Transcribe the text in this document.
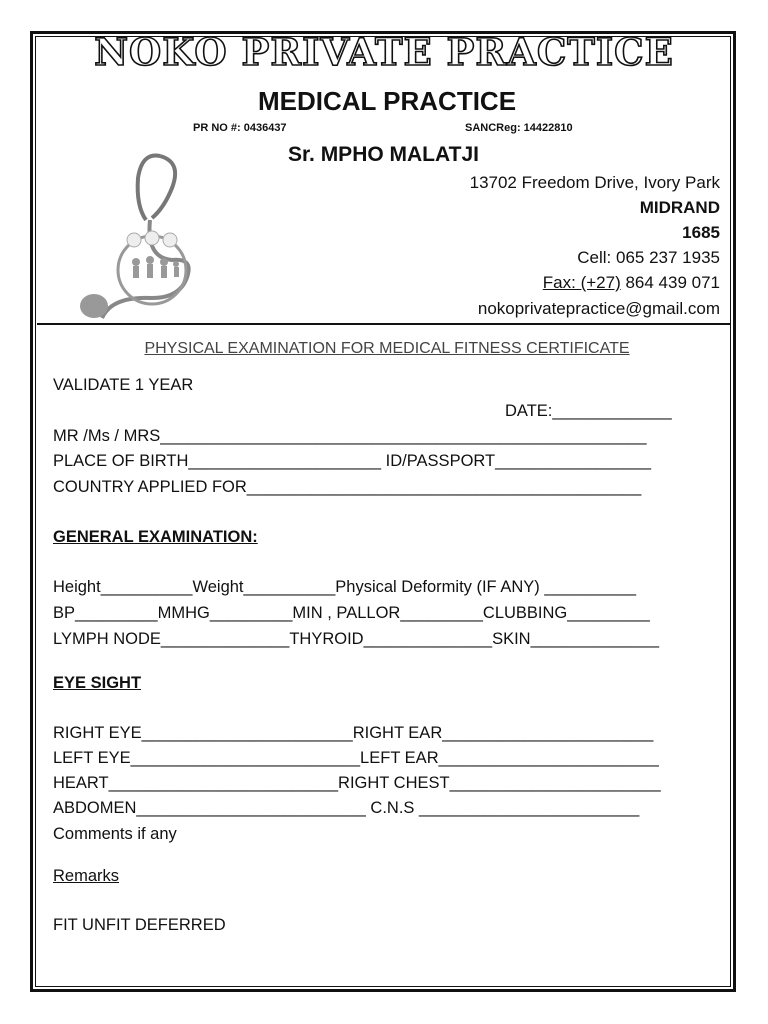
NOKO PRIVATE PRACTICE
MEDICAL PRACTICE
PR NO #: 0436437	SANCReg: 14422810
Sr. MPHO MALATJI
13702 Freedom Drive, Ivory Park
MIDRAND
1685
Cell: 065 237 1935
Fax: (+27) 864 439 071
nokoprivatepractice@gmail.com
PHYSICAL EXAMINATION FOR MEDICAL FITNESS CERTIFICATE
VALIDATE 1 YEAR
DATE:_____________
MR /Ms / MRS_____________________________________________________
PLACE OF BIRTH_____________________ ID/PASSPORT_________________
COUNTRY APPLIED FOR___________________________________________
GENERAL EXAMINATION:
Height__________Weight__________Physical Deformity (IF ANY) __________
BP_________MMHG_________MIN , PALLOR_________CLUBBING_________
LYMPH NODE______________THYROID______________SKIN______________
EYE SIGHT
RIGHT EYE_______________________RIGHT EAR_______________________
LEFT EYE_________________________LEFT EAR________________________
HEART_________________________RIGHT CHEST_______________________
ABDOMEN_________________________ C.N.S ________________________
Comments if any
Remarks
FIT UNFIT DEFERRED
